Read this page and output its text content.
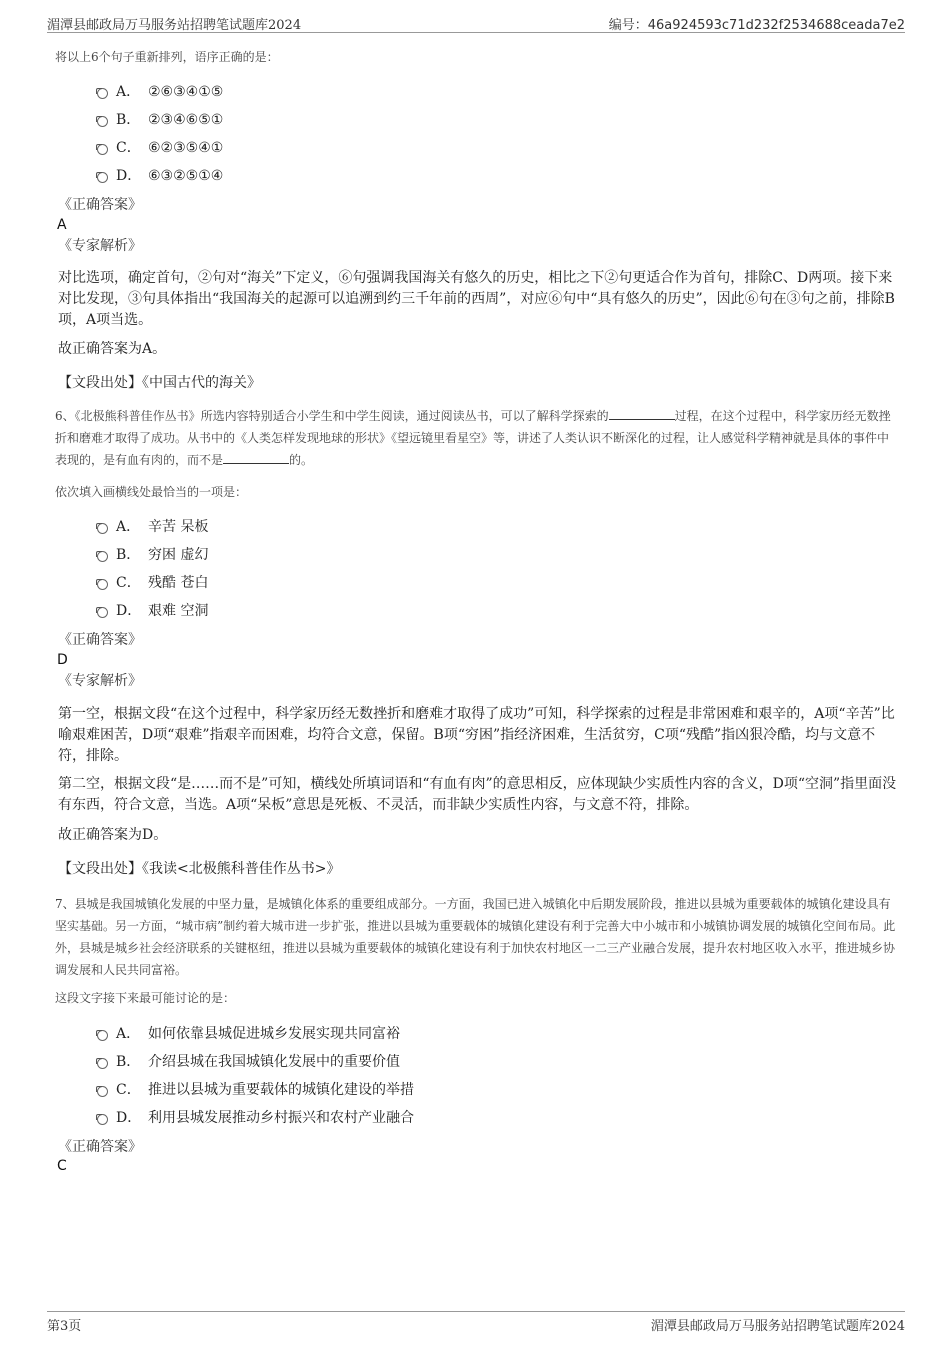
湄潭县邮政局万马服务站招聘笔试题库2024	编号：46a924593c71d232f2534688ceada7e2
将以上6个句子重新排列，语序正确的是：
A． ②⑥③④①⑤
B． ②③④⑥⑤①
C． ⑥②③⑤④①
D． ⑥③②⑤①④
《正确答案》
A
《专家解析》
对比选项，确定首句，②句对“海关”下定义，⑥句强调我国海关有悠久的历史，相比之下②句更适合作为首句，排除C、D两项。接下来对比发现，③句具体指出“我国海关的起源可以追溯到约三千年前的西周”，对应⑥句中“具有悠久的历史”，因此⑥句在③句之前，排除B项，A项当选。
故正确答案为A。
【文段出处】《中国古代的海关》
6、《北极熊科普佳作丛书》所选内容特别适合小学生和中学生阅读，通过阅读丛书，可以了解科学探索的	过程，在这个过程中，科学家历经无数挫折和磨难才取得了成功。从书中的《人类怎样发现地球的形状》《望远镜里看星空》等，讲述了人类认识不断深化的过程，让人感觉科学精神就是具体的事件中表现的，是有血有肉的，而不是	的。
依次填入画横线处最恰当的一项是：
A． 辛苦 呆板
B． 穷困 虚幻
C． 残酷 苍白
D． 艰难 空洞
《正确答案》
D
《专家解析》
第一空，根据文段“在这个过程中，科学家历经无数挫折和磨难才取得了成功”可知，科学探索的过程是非常困难和艰辛的，A项“辛苦”比喻艰难困苦，D项“艰难”指艰辛而困难，均符合文意，保留。B项“穷困”指经济困难，生活贫穷，C项“残酷”指凶狠冷酷，均与文意不符，排除。
第二空，根据文段“是……而不是”可知，横线处所填词语和“有血有肉”的意思相反，应体现缺少实质性内容的含义，D项“空洞”指里面没有东西，符合文意，当选。A项“呆板”意思是死板、不灵活，而非缺少实质性内容，与文意不符，排除。
故正确答案为D。
【文段出处】《我读<北极熊科普佳作丛书>》
7、县城是我国城镇化发展的中坚力量，是城镇化体系的重要组成部分。一方面，我国已进入城镇化中后期发展阶段，推进以县城为重要载体的城镇化建设具有坚实基础。另一方面，“城市病”制约着大城市进一步扩张，推进以县城为重要载体的城镇化建设有利于完善大中小城市和小城镇协调发展的城镇化空间布局。此外，县城是城乡社会经济联系的关键枢纽，推进以县城为重要载体的城镇化建设有利于加快农村地区一二三产业融合发展，提升农村地区收入水平，推进城乡协调发展和人民共同富裕。
这段文字接下来最可能讨论的是：
A． 如何依靠县城促进城乡发展实现共同富裕
B． 介绍县城在我国城镇化发展中的重要价值
C． 推进以县城为重要载体的城镇化建设的举措
D． 利用县城发展推动乡村振兴和农村产业融合
《正确答案》
C
第3页	湄潭县邮政局万马服务站招聘笔试题库2024
